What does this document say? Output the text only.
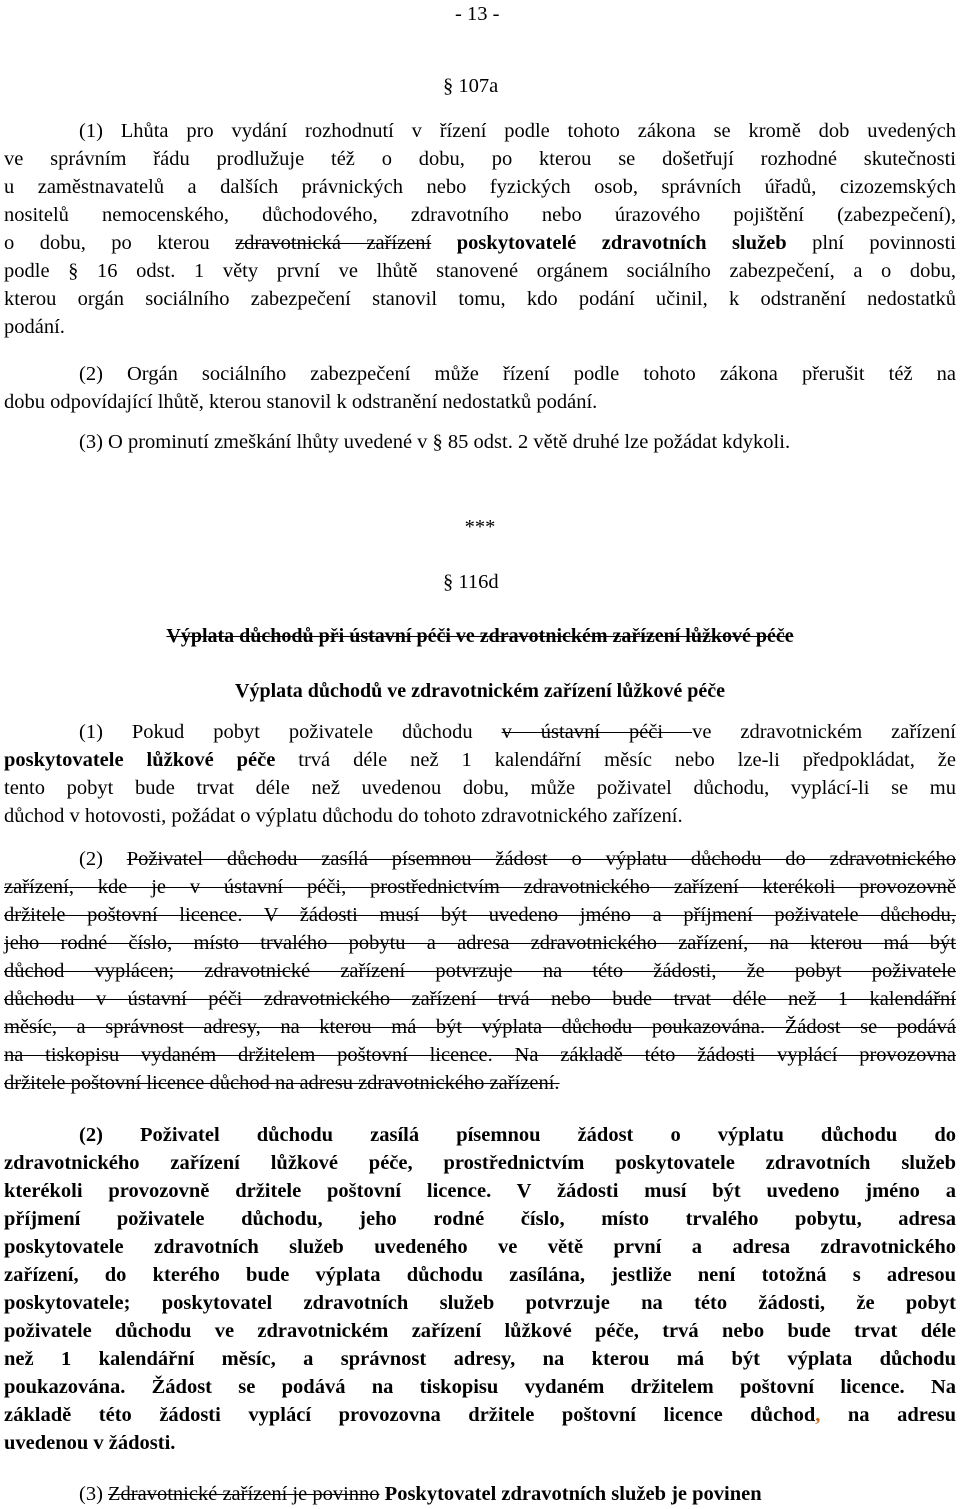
- 13 -
§ 107a
(1) Lhůta pro vydání rozhodnutí v řízení podle tohoto zákona se kromě dob uvedených
ve správním řádu prodlužuje též o dobu, po kterou se došetřují rozhodné skutečnosti
u zaměstnavatelů a dalších právnických nebo fyzických osob, správních úřadů, cizozemských
nositelů nemocenského, důchodového, zdravotního nebo úrazového pojištění (zabezpečení),
o dobu, po kterou zdravotnická zařízení poskytovatelé zdravotních služeb plní povinnosti
podle § 16 odst. 1 věty první ve lhůtě stanovené orgánem sociálního zabezpečení, a o dobu,
kterou orgán sociálního zabezpečení stanovil tomu, kdo podání učinil, k odstranění nedostatků
podání.
(2) Orgán sociálního zabezpečení může řízení podle tohoto zákona přerušit též na
dobu odpovídající lhůtě, kterou stanovil k odstranění nedostatků podání.
(3) O prominutí zmeškání lhůty uvedené v § 85 odst. 2 větě druhé lze požádat kdykoli.
***
§ 116d
Výplata důchodů při ústavní péči ve zdravotnickém zařízení lůžkové péče
Výplata důchodů ve zdravotnickém zařízení lůžkové péče
(1) Pokud pobyt poživatele důchodu v ústavní péči ve zdravotnickém zařízení
poskytovatele lůžkové péče trvá déle než 1 kalendářní měsíc nebo lze-li předpokládat, že
tento pobyt bude trvat déle než uvedenou dobu, může poživatel důchodu, vyplácí-li se mu
důchod v hotovosti, požádat o výplatu důchodu do tohoto zdravotnického zařízení.
(2) Poživatel důchodu zasílá písemnou žádost o výplatu důchodu do zdravotnického
zařízení, kde je v ústavní péči, prostřednictvím zdravotnického zařízení kterékoli provozovně
držitele poštovní licence. V žádosti musí být uvedeno jméno a příjmení poživatele důchodu,
jeho rodné číslo, místo trvalého pobytu a adresa zdravotnického zařízení, na kterou má být
důchod vyplácen; zdravotnické zařízení potvrzuje na této žádosti, že pobyt poživatele
důchodu v ústavní péči zdravotnického zařízení trvá nebo bude trvat déle než 1 kalendářní
měsíc, a správnost adresy, na kterou má být výplata důchodu poukazována. Žádost se podává
na tiskopisu vydaném držitelem poštovní licence. Na základě této žádosti vyplácí provozovna
držitele poštovní licence důchod na adresu zdravotnického zařízení.
(2) Poživatel důchodu zasílá písemnou žádost o výplatu důchodu do
zdravotnického zařízení lůžkové péče, prostřednictvím poskytovatele zdravotních služeb
kterékoli provozovně držitele poštovní licence. V žádosti musí být uvedeno jméno a
příjmení poživatele důchodu, jeho rodné číslo, místo trvalého pobytu, adresa
poskytovatele zdravotních služeb uvedeného ve větě první a adresa zdravotnického
zařízení, do kterého bude výplata důchodu zasílána, jestliže není totožná s adresou
poskytovatele; poskytovatel zdravotních služeb potvrzuje na této žádosti, že pobyt
poživatele důchodu ve zdravotnickém zařízení lůžkové péče, trvá nebo bude trvat déle
než 1 kalendářní měsíc, a správnost adresy, na kterou má být výplata důchodu
poukazována. Žádost se podává na tiskopisu vydaném držitelem poštovní licence. Na
základě této žádosti vyplácí provozovna držitele poštovní licence důchod, na adresu
uvedenou v žádosti.
(3) Zdravotnické zařízení je povinno Poskytovatel zdravotních služeb je povinen
